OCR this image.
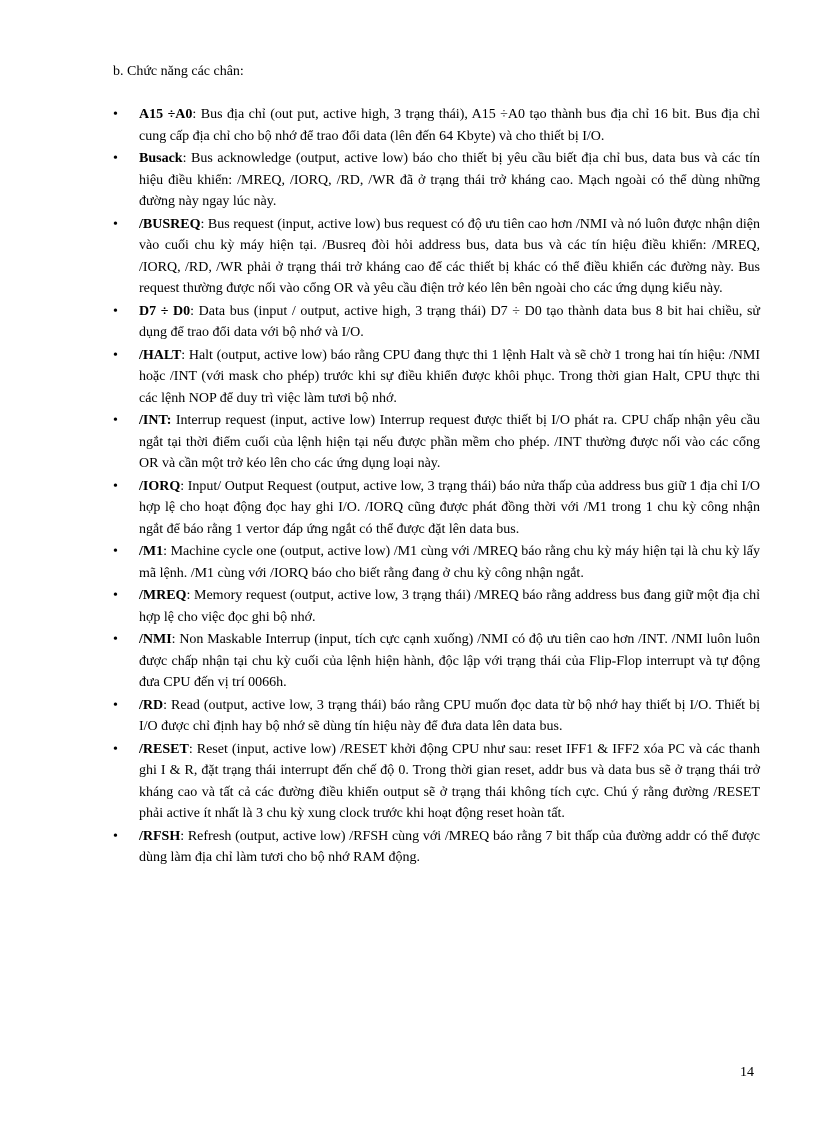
b. Chức năng các chân:
• A15 ÷A0: Bus địa chỉ (out put, active high, 3 trạng thái), A15 ÷A0 tạo thành bus địa chỉ 16 bit. Bus địa chỉ cung cấp địa chỉ cho bộ nhớ để trao đổi data (lên đến 64 Kbyte) và cho thiết bị I/O.
• Busack: Bus acknowledge (output, active low) báo cho thiết bị yêu cầu biết địa chỉ bus, data bus và các tín hiệu điều khiển: /MREQ, /IORQ, /RD, /WR đã ở trạng thái trở kháng cao. Mạch ngoài có thể dùng những đường này ngay lúc này.
• /BUSREQ: Bus request (input, active low) bus request có độ ưu tiên cao hơn /NMI và nó luôn được nhận diện vào cuối chu kỳ máy hiện tại. /Busreq đòi hỏi address bus, data bus và các tín hiệu điều khiển: /MREQ, /IORQ, /RD, /WR phải ở trạng thái trở kháng cao để các thiết bị khác có thể điều khiển các đường này. Bus request thường được nối vào cổng OR và yêu cầu điện trở kéo lên bên ngoài cho các ứng dụng kiểu này.
• D7 ÷ D0: Data bus (input / output, active high, 3 trạng thái) D7 ÷ D0 tạo thành data bus 8 bit hai chiều, sử dụng để trao đổi data với bộ nhớ và I/O.
• /HALT: Halt (output, active low) báo rằng CPU đang thực thi 1 lệnh Halt và sẽ chờ 1 trong hai tín hiệu: /NMI hoặc /INT (với mask cho phép) trước khi sự điều khiển được khôi phục. Trong thời gian Halt, CPU thực thi các lệnh NOP để duy trì việc làm tươi bộ nhớ.
• /INT: Interrup request (input, active low) Interrup request được thiết bị I/O phát ra. CPU chấp nhận yêu cầu ngắt tại thời điểm cuối của lệnh hiện tại nếu được phần mềm cho phép. /INT thường được nối vào các cổng OR và cần một trở kéo lên cho các ứng dụng loại này.
• /IORQ: Input/ Output Request (output, active low, 3 trạng thái) báo nửa thấp của address bus giữ 1 địa chỉ I/O hợp lệ cho hoạt động đọc hay ghi I/O. /IORQ cũng được phát đồng thời với /M1 trong 1 chu kỳ công nhận ngắt để báo rằng 1 vertor đáp ứng ngắt có thể được đặt lên data bus.
• /M1: Machine cycle one (output, active low) /M1 cùng với /MREQ báo rằng chu kỳ máy hiện tại là chu kỳ lấy mã lệnh. /M1 cùng với /IORQ báo cho biết rằng đang ở chu kỳ công nhận ngắt.
• /MREQ: Memory request (output, active low, 3 trạng thái) /MREQ báo rằng address bus đang giữ một địa chỉ hợp lệ cho việc đọc ghi bộ nhớ.
• /NMI: Non Maskable Interrup (input, tích cực cạnh xuống) /NMI có độ ưu tiên cao hơn /INT. /NMI luôn luôn được chấp nhận tại chu kỳ cuối của lệnh hiện hành, độc lập với trạng thái của Flip-Flop interrupt và tự động đưa CPU đến vị trí 0066h.
• /RD: Read (output, active low, 3 trạng thái) báo rằng CPU muốn đọc data từ bộ nhớ hay thiết bị I/O. Thiết bị I/O được chỉ định hay bộ nhớ sẽ dùng tín hiệu này để đưa data lên data bus.
• /RESET: Reset (input, active low) /RESET khởi động CPU như sau: reset IFF1 & IFF2 xóa PC và các thanh ghi I & R, đặt trạng thái interrupt đến chế độ 0. Trong thời gian reset, addr bus và data bus sẽ ở trạng thái trở kháng cao và tất cả các đường điều khiển output sẽ ở trạng thái không tích cực. Chú ý rằng đường /RESET phải active ít nhất là 3 chu kỳ xung clock trước khi hoạt động reset hoàn tất.
• /RFSH: Refresh (output, active low) /RFSH cùng với /MREQ báo rằng 7 bit thấp của đường addr có thể được dùng làm địa chỉ làm tươi cho bộ nhớ RAM động.
14
